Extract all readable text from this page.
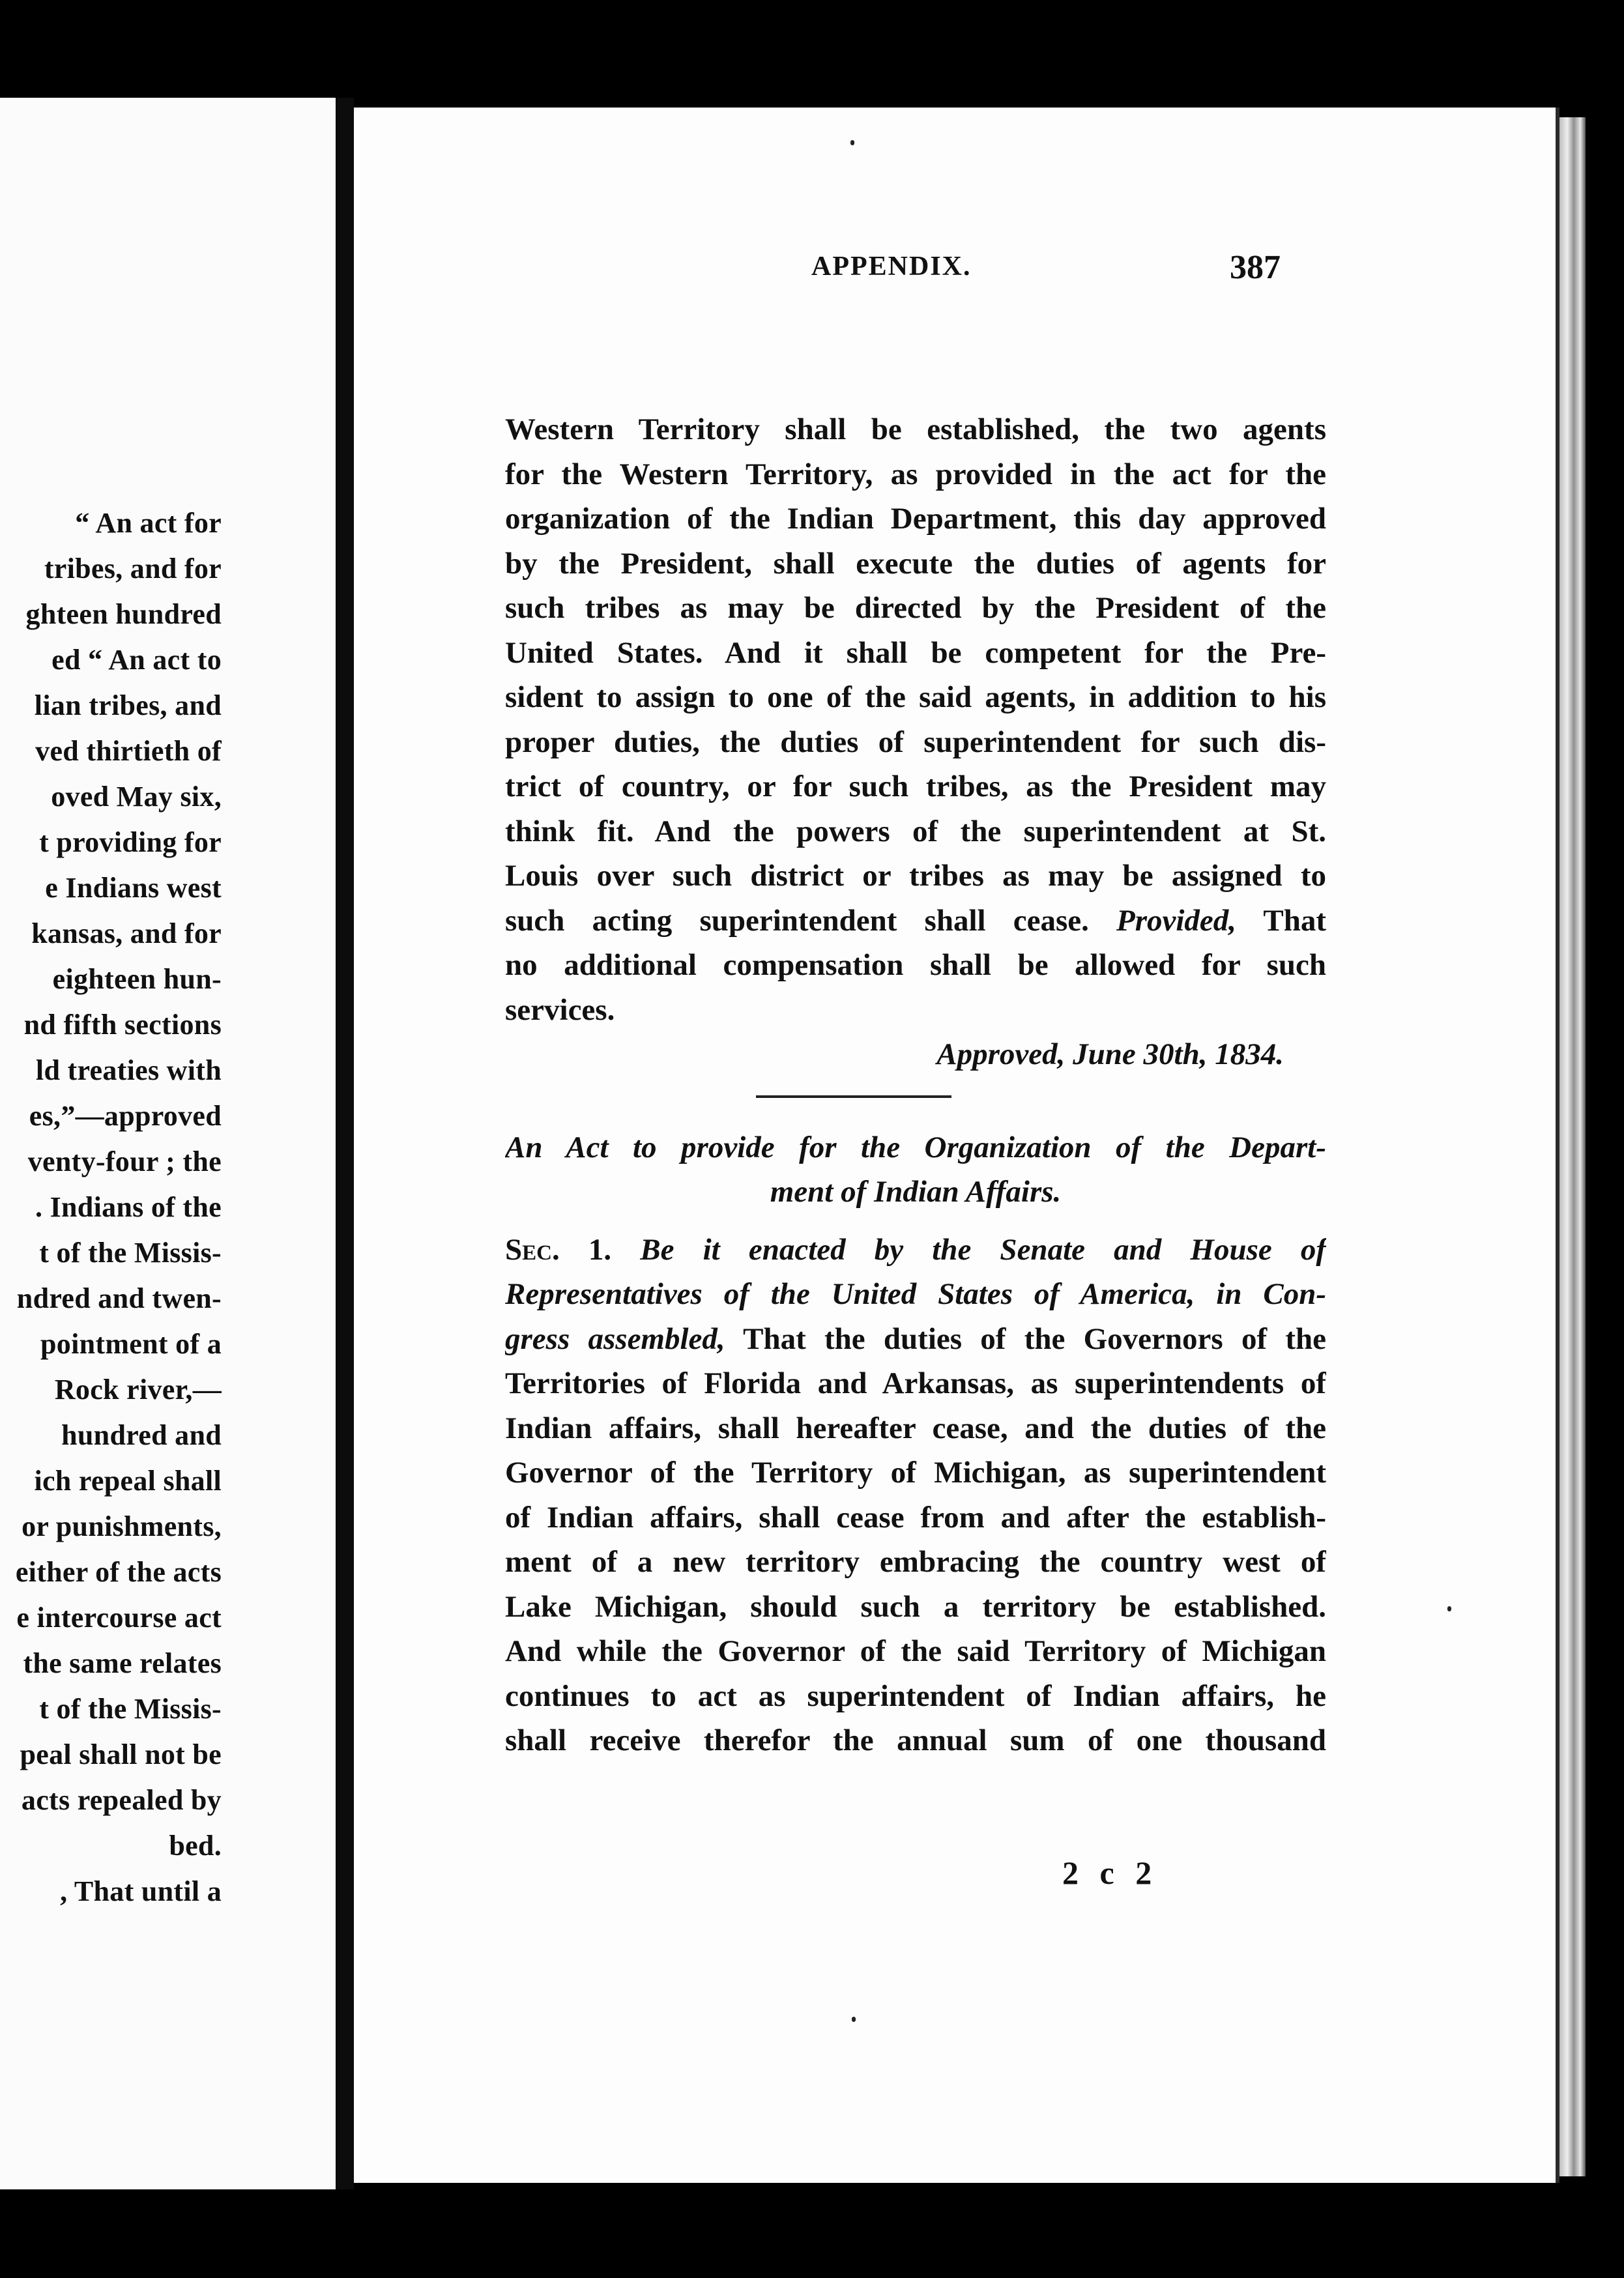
“ An act for
tribes, and for
ghteen hundred
ed “ An act to
lian tribes, and
ved thirtieth of
oved May six,
t providing for
e Indians west
kansas, and for
eighteen hun-
nd fifth sections
ld treaties with
es,”—approved
venty-four ; the
. Indians of the
t of the Missis-
ndred and twen-
pointment of a
Rock river,—
hundred and
ich repeal shall
or punishments,
either of the acts
e intercourse act
the same relates
t of the Missis-
peal shall not be
acts repealed by
bed.
, That until a
APPENDIX.	387
Western Territory shall be established, the two agents
for the Western Territory, as provided in the act for the
organization of the Indian Department, this day approved
by the President, shall execute the duties of agents for
such tribes as may be directed by the President of the
United States. And it shall be competent for the Pre-
sident to assign to one of the said agents, in addition to his
proper duties, the duties of superintendent for such dis-
trict of country, or for such tribes, as the President may
think fit. And the powers of the superintendent at St.
Louis over such district or tribes as may be assigned to
such acting superintendent shall cease. Provided, That
no additional compensation shall be allowed for such
services.
Approved, June 30th, 1834.
An Act to provide for the Organization of the Depart-
ment of Indian Affairs.
Sec. 1. Be it enacted by the Senate and House of
Representatives of the United States of America, in Con-
gress assembled, That the duties of the Governors of the
Territories of Florida and Arkansas, as superintendents of
Indian affairs, shall hereafter cease, and the duties of the
Governor of the Territory of Michigan, as superintendent
of Indian affairs, shall cease from and after the establish-
ment of a new territory embracing the country west of
Lake Michigan, should such a territory be established.
And while the Governor of the said Territory of Michigan
continues to act as superintendent of Indian affairs, he
shall receive therefor the annual sum of one thousand
2 c 2
